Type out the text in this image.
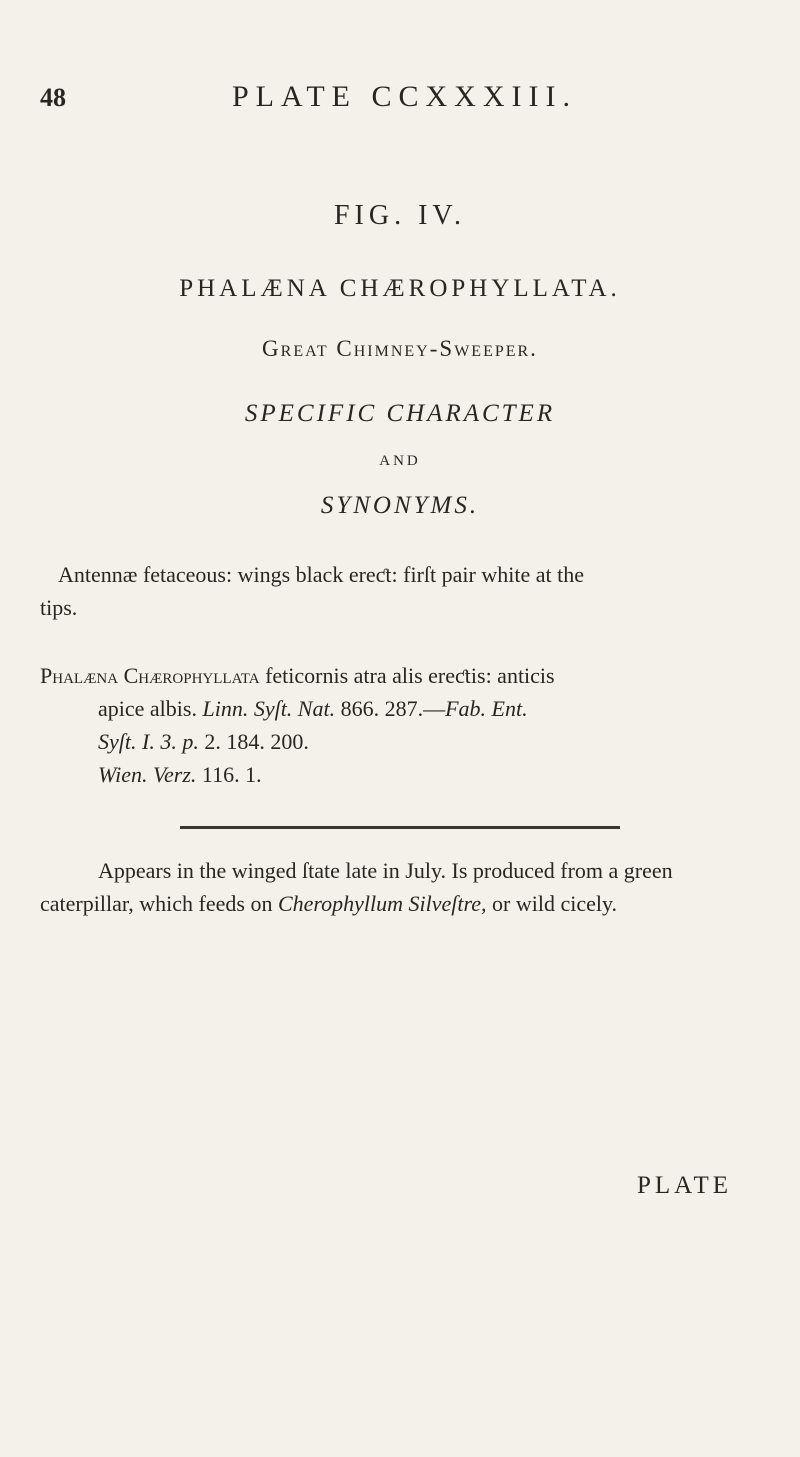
48	PLATE CCXXXIII.
FIG. IV.
PHALÆNA CHÆROPHYLLATA.
Great Chimney-Sweeper.
SPECIFIC CHARACTER
AND
SYNONYMS.
Antennæ fetaceous: wings black ereƈt: firſt pair white at the
tips.
Phalæna Chærophyllata feticornis atra alis ereƈtis: anticis
apice albis. Linn. Syſt. Nat. 866. 287.—Fab. Ent.
Syſt. I. 3. p. 2. 184. 200.
Wien. Verz. 116. 1.
Appears in the winged ſtate late in July. Is produced from a green
caterpillar, which feeds on Cherophyllum Silveſtre, or wild cicely.
PLATE
